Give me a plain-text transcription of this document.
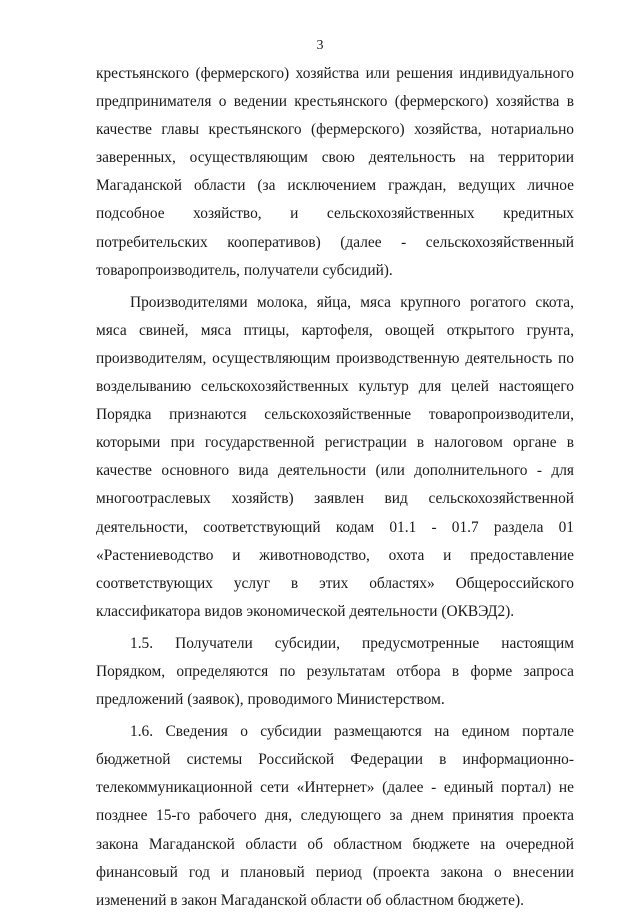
3

крестьянского (фермерского) хозяйства или решения индивидуального предпринимателя о ведении крестьянского (фермерского) хозяйства в качестве главы крестьянского (фермерского) хозяйства, нотариально заверенных, осуществляющим свою деятельность на территории Магаданской области (за исключением граждан, ведущих личное подсобное хозяйство, и сельскохозяйственных кредитных потребительских кооперативов) (далее - сельскохозяйственный товаропроизводитель, получатели субсидий).

Производителями молока, яйца, мяса крупного рогатого скота, мяса свиней, мяса птицы, картофеля, овощей открытого грунта, производителям, осуществляющим производственную деятельность по возделыванию сельскохозяйственных культур для целей настоящего Порядка признаются сельскохозяйственные товаропроизводители, которыми при государственной регистрации в налоговом органе в качестве основного вида деятельности (или дополнительного - для многоотраслевых хозяйств) заявлен вид сельскохозяйственной деятельности, соответствующий кодам 01.1 - 01.7 раздела 01 «Растениеводство и животноводство, охота и предоставление соответствующих услуг в этих областях» Общероссийского классификатора видов экономической деятельности (ОКВЭД2).

1.5. Получатели субсидии, предусмотренные настоящим Порядком, определяются по результатам отбора в форме запроса предложений (заявок), проводимого Министерством.

1.6. Сведения о субсидии размещаются на едином портале бюджетной системы Российской Федерации в информационно-телекоммуникационной сети «Интернет» (далее - единый портал) не позднее 15-го рабочего дня, следующего за днем принятия проекта закона Магаданской области об областном бюджете на очередной финансовый год и плановый период (проекта закона о внесении изменений в закон Магаданской области об областном бюджете).
